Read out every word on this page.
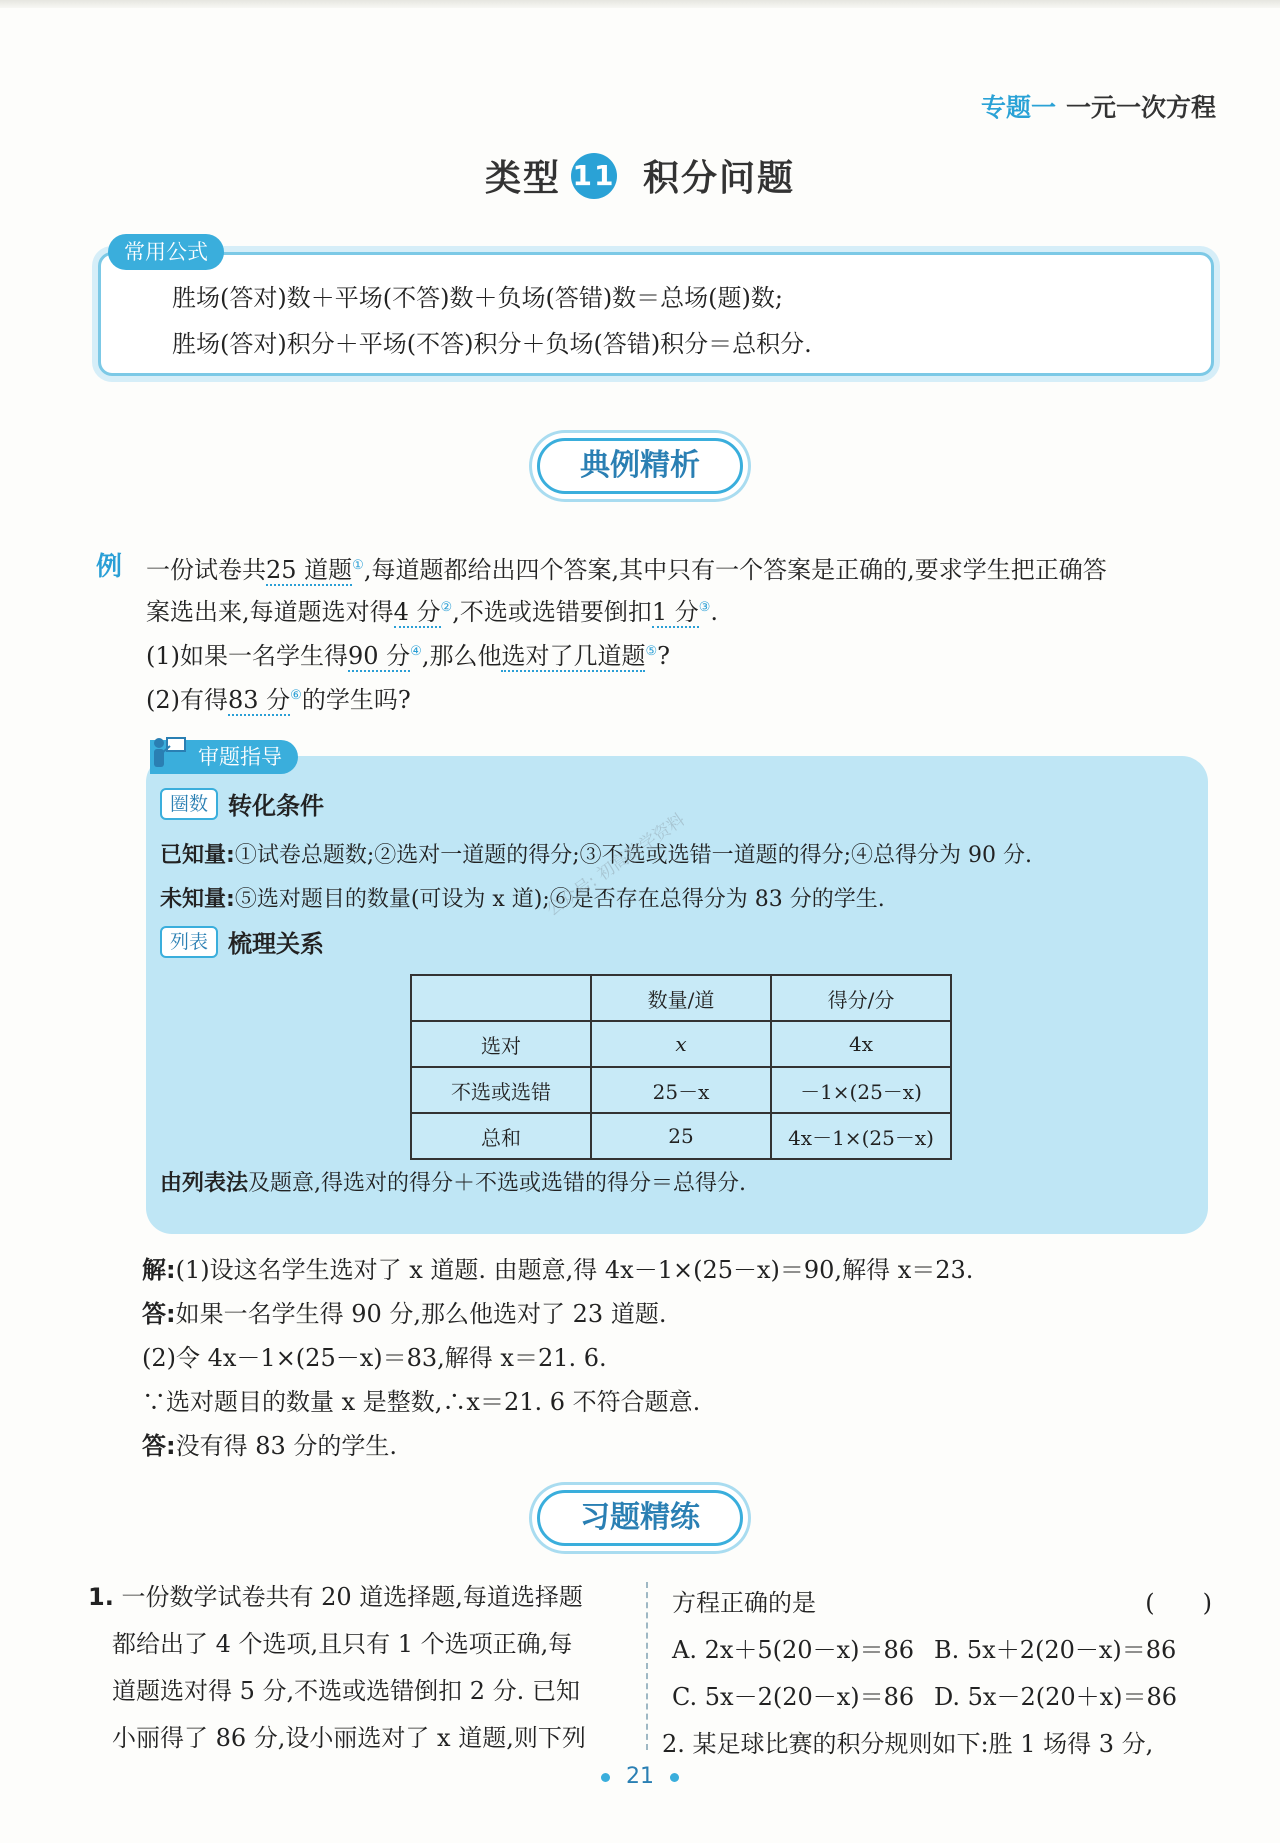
专题一 一元一次方程
类型 11 积分问题
常用公式
胜场(答对)数＋平场(不答)数＋负场(答错)数＝总场(题)数;
胜场(答对)积分＋平场(不答)积分＋负场(答错)积分＝总积分.
典例精析
例 一份试卷共25 道题①,每道题都给出四个答案,其中只有一个答案是正确的,要求学生把正确答
案选出来,每道题选对得4 分②,不选或选错要倒扣1 分③.
(1)如果一名学生得90 分④,那么他选对了几道题⑤?
(2)有得83 分⑥的学生吗?
审题指导
圈数 转化条件
已知量:①试卷总题数;②选对一道题的得分;③不选或选错一道题的得分;④总得分为 90 分.
未知量:⑤选对题目的数量(可设为 x 道);⑥是否存在总得分为 83 分的学生.
列表 梳理关系
公众号: 初高数学资料
	数量/道	得分/分
选对	x	4x
不选或选错	25－x	－1×(25－x)
总和	25	4x－1×(25－x)
由列表法及题意,得选对的得分＋不选或选错的得分＝总得分.
解:(1)设这名学生选对了 x 道题. 由题意,得 4x－1×(25－x)＝90,解得 x＝23.
答:如果一名学生得 90 分,那么他选对了 23 道题.
(2)令 4x－1×(25－x)＝83,解得 x＝21. 6.
∵选对题目的数量 x 是整数,∴x＝21. 6 不符合题意.
答:没有得 83 分的学生.
习题精练
1. 一份数学试卷共有 20 道选择题,每道选择题
都给出了 4 个选项,且只有 1 个选项正确,每
道题选对得 5 分,不选或选错倒扣 2 分. 已知
小丽得了 86 分,设小丽选对了 x 道题,则下列
方程正确的是	(　　)
A. 2x＋5(20－x)＝86 B. 5x＋2(20－x)＝86
C. 5x－2(20－x)＝86 D. 5x－2(20＋x)＝86
2. 某足球比赛的积分规则如下:胜 1 场得 3 分,
21
